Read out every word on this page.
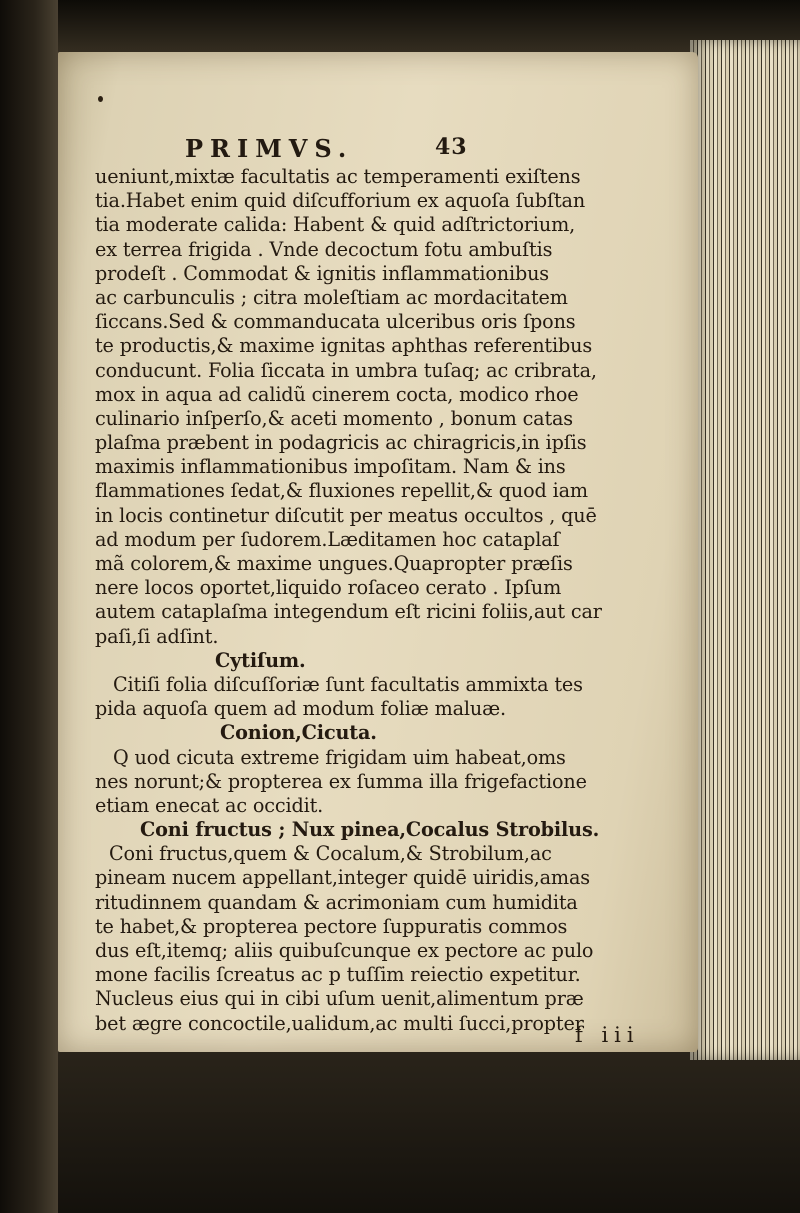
PRIMVS.	43
ueniunt,mixtæ facultatis ac temperamenti exiſtens
tia.Habet enim quid diſcufforium ex aquoſa ſubſtan
tia moderate calida: Habent & quid adſtrictorium,
ex terrea frigida . Vnde decoctum fotu ambuſtis
prodeſt . Commodat & ignitis inflammationibus
ac carbunculis ; citra moleſtiam ac mordacitatem
ſiccans.Sed & commanducata ulceribus oris ſpons
te productis,& maxime ignitas aphthas referentibus
conducunt. Folia ſiccata in umbra tuſaq; ac cribrata,
mox in aqua ad calidũ cinerem cocta, modico rhoe
culinario inſperſo,& aceti momento , bonum catas
plaſma præbent in podagricis ac chiragricis,in ipſis
maximis inflammationibus impoſitam. Nam & ins
flammationes ſedat,& fluxiones repellit,& quod iam
in locis continetur diſcutit per meatus occultos , quē
ad modum per ſudorem.Læditamen hoc cataplaſ
mã colorem,& maxime ungues.Quapropter præſis
nere locos oportet,liquido roſaceo cerato . Ipſum
autem cataplaſma integendum eſt ricini foliis,aut car
paſi,ſi adſint.
Cytiſum.
Citiſi folia diſcuſſoriæ ſunt facultatis ammixta tes
pida aquoſa quem ad modum foliæ maluæ.
Conion,Cicuta.
Q uod cicuta extreme frigidam uim habeat,oms
nes norunt;& propterea ex ſumma illa frigefactione
etiam enecat ac occidit.
Coni fructus ; Nux pinea,Cocalus Strobilus.
Coni fructus,quem & Cocalum,& Strobilum,ac
pineam nucem appellant,integer quidē uiridis,amas
ritudinnem quandam & acrimoniam cum humidita
te habet,& propterea pectore ſuppuratis commos
dus eſt,itemq; aliis quibuſcunque ex pectore ac pulo
mone facilis ſcreatus ac p tuſſim reiectio expetitur.
Nucleus eius qui in cibi uſum uenit,alimentum præ
bet ægre concoctile,ualidum,ac multi ſucci,propter
f iii
